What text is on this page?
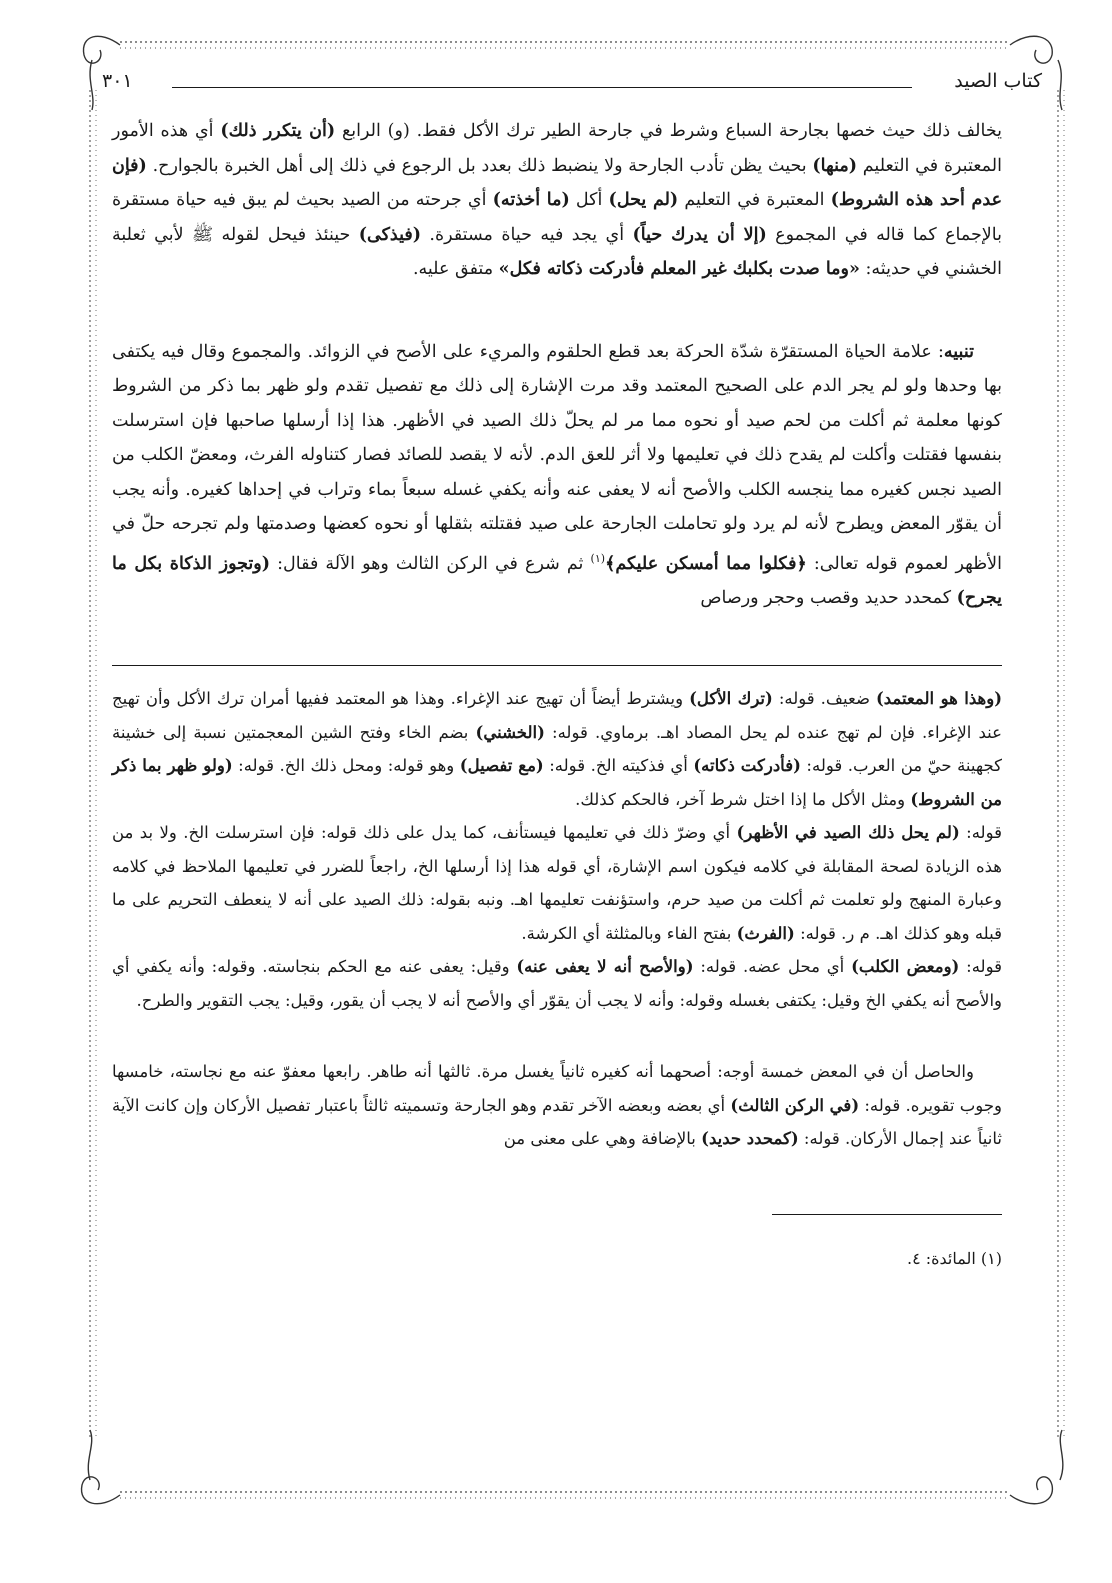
كتاب الصيد
٣٠١

يخالف ذلك حيث خصها بجارحة السباع وشرط في جارحة الطير ترك الأكل فقط. (و) الرابع (أن يتكرر ذلك) أي هذه الأمور المعتبرة في التعليم (منها) بحيث يظن تأدب الجارحة ولا ينضبط ذلك بعدد بل الرجوع في ذلك إلى أهل الخبرة بالجوارح. (فإن عدم أحد هذه الشروط) المعتبرة في التعليم (لم يحل) أكل (ما أخذته) أي جرحته من الصيد بحيث لم يبق فيه حياة مستقرة بالإجماع كما قاله في المجموع (إلا أن يدرك حياً) أي يجد فيه حياة مستقرة. (فيذكى) حينئذ فيحل لقوله ﷺ لأبي ثعلبة الخشني في حديثه: «وما صدت بكلبك غير المعلم فأدركت ذكاته فكل» متفق عليه.

تنبيه: علامة الحياة المستقرّة شدّة الحركة بعد قطع الحلقوم والمريء على الأصح في الزوائد. والمجموع وقال فيه يكتفى بها وحدها ولو لم يجر الدم على الصحيح المعتمد وقد مرت الإشارة إلى ذلك مع تفصيل تقدم ولو ظهر بما ذكر من الشروط كونها معلمة ثم أكلت من لحم صيد أو نحوه مما مر لم يحلّ ذلك الصيد في الأظهر. هذا إذا أرسلها صاحبها فإن استرسلت بنفسها فقتلت وأكلت لم يقدح ذلك في تعليمها ولا أثر للعق الدم. لأنه لا يقصد للصائد فصار كتناوله الفرث، ومعضّ الكلب من الصيد نجس كغيره مما ينجسه الكلب والأصح أنه لا يعفى عنه وأنه يكفي غسله سبعاً بماء وتراب في إحداها كغيره. وأنه يجب أن يقوّر المعض ويطرح لأنه لم يرد ولو تحاملت الجارحة على صيد فقتلته بثقلها أو نحوه كعضها وصدمتها ولم تجرحه حلّ في الأظهر لعموم قوله تعالى: ﴿فكلوا مما أمسكن عليكم﴾$^{(١)}$ ثم شرع في الركن الثالث وهو الآلة فقال: (وتجوز الذكاة بكل ما يجرح) كمحدد حديد وقصب وحجر ورصاص

(وهذا هو المعتمد) ضعيف. قوله: (ترك الأكل) ويشترط أيضاً أن تهيج عند الإغراء. وهذا هو المعتمد ففيها أمران ترك الأكل وأن تهيج عند الإغراء. فإن لم تهج عنده لم يحل المصاد اهـ. برماوي. قوله: (الخشني) بضم الخاء وفتح الشين المعجمتين نسبة إلى خشينة كجهينة حيّ من العرب. قوله: (فأدركت ذكاته) أي فذكيته الخ. قوله: (مع تفصيل) وهو قوله: ومحل ذلك الخ. قوله: (ولو ظهر بما ذكر من الشروط) ومثل الأكل ما إذا اختل شرط آخر، فالحكم كذلك.

قوله: (لم يحل ذلك الصيد في الأظهر) أي وضرّ ذلك في تعليمها فيستأنف، كما يدل على ذلك قوله: فإن استرسلت الخ. ولا بد من هذه الزيادة لصحة المقابلة في كلامه فيكون اسم الإشارة، أي قوله هذا إذا أرسلها الخ، راجعاً للضرر في تعليمها الملاحظ في كلامه وعبارة المنهج ولو تعلمت ثم أكلت من صيد حرم، واستؤنفت تعليمها اهـ. ونبه بقوله: ذلك الصيد على أنه لا ينعطف التحريم على ما قبله وهو كذلك اهـ. م ر. قوله: (الفرث) بفتح الفاء وبالمثلثة أي الكرشة.

قوله: (ومعض الكلب) أي محل عضه. قوله: (والأصح أنه لا يعفى عنه) وقيل: يعفى عنه مع الحكم بنجاسته. وقوله: وأنه يكفي أي والأصح أنه يكفي الخ وقيل: يكتفى بغسله وقوله: وأنه لا يجب أن يقوّر أي والأصح أنه لا يجب أن يقور، وقيل: يجب التقوير والطرح.

والحاصل أن في المعض خمسة أوجه: أصحهما أنه كغيره ثانياً يغسل مرة. ثالثها أنه طاهر. رابعها معفوّ عنه مع نجاسته، خامسها وجوب تقويره. قوله: (في الركن الثالث) أي بعضه وبعضه الآخر تقدم وهو الجارحة وتسميته ثالثاً باعتبار تفصيل الأركان وإن كانت الآية ثانياً عند إجمال الأركان. قوله: (كمحدد حديد) بالإضافة وهي على معنى من

(١) المائدة: ٤.
